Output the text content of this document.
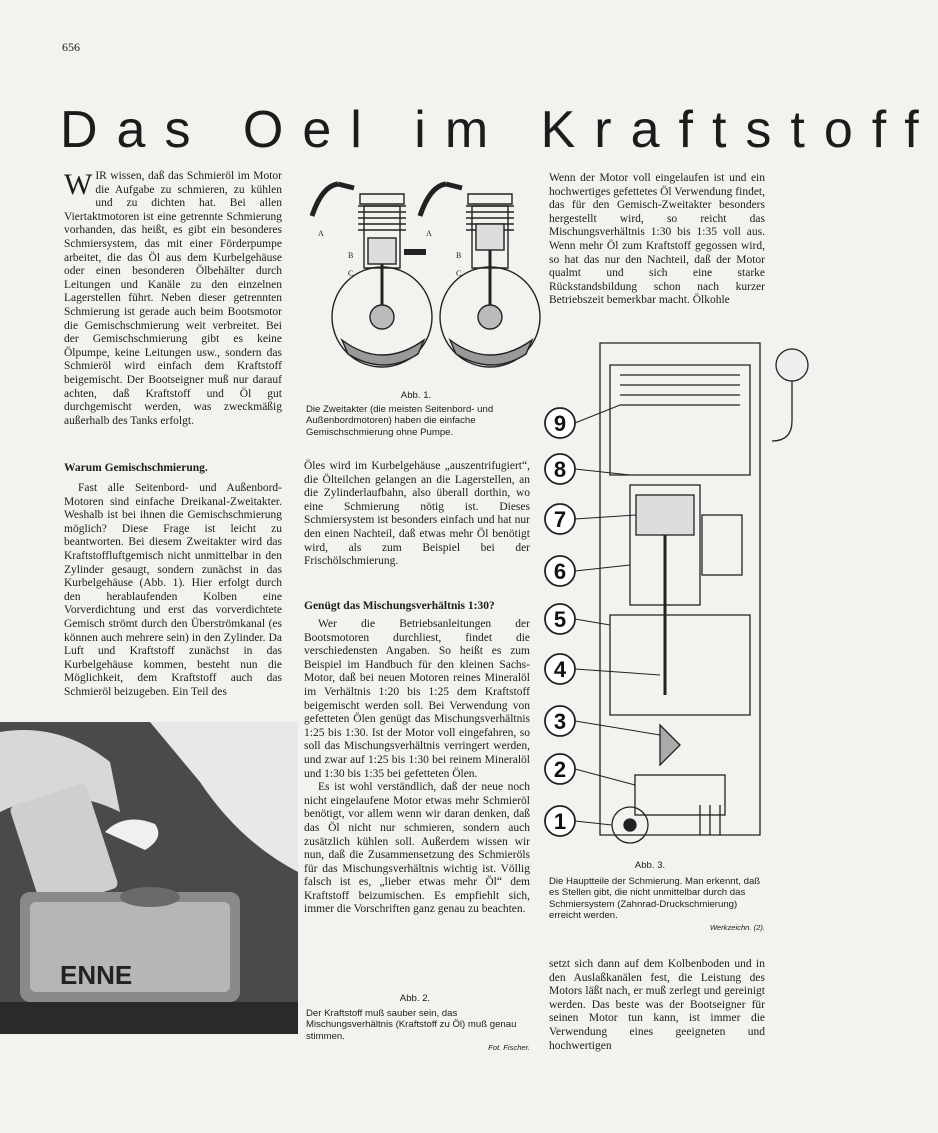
656
Das Oel im Kraftstoff
WIR wissen, daß das Schmieröl im Motor die Aufgabe zu schmieren, zu kühlen und zu dichten hat. Bei allen Viertaktmotoren ist eine getrennte Schmierung vorhanden, das heißt, es gibt ein besonderes Schmiersystem, das mit einer Förderpumpe arbeitet, die das Öl aus dem Kurbelgehäuse oder einen besonderen Ölbehälter durch Leitungen und Kanäle zu den einzelnen Lagerstellen führt. Neben dieser getrennten Schmierung ist gerade auch beim Bootsmotor die Gemischschmierung weit verbreitet. Bei der Gemischschmierung gibt es keine Ölpumpe, keine Leitungen usw., sondern das Schmieröl wird einfach dem Kraftstoff beigemischt. Der Bootseigner muß nur darauf achten, daß Kraftstoff und Öl gut durchgemischt werden, was zweckmäßig außerhalb des Tanks erfolgt.
Warum Gemischschmierung.
Fast alle Seitenbord- und Außenbord-Motoren sind einfache Dreikanal-Zweitakter. Weshalb ist bei ihnen die Gemischschmierung möglich? Diese Frage ist leicht zu beantworten. Bei diesem Zweitakter wird das Kraftstoffluftgemisch nicht unmittelbar in den Zylinder gesaugt, sondern zunächst in das Kurbelgehäuse (Abb. 1). Hier erfolgt durch den herablaufenden Kolben eine Vorverdichtung und erst das vorverdichtete Gemisch strömt durch den Überströmkanal (es können auch mehrere sein) in den Zylinder. Da Luft und Kraftstoff zunächst in das Kurbelgehäuse kommen, besteht nun die Möglichkeit, dem Kraftstoff auch das Schmieröl beizugeben. Ein Teil des
A
B
C
A
B
C
Abb. 1.
Die Zweitakter (die meisten Seitenbord- und Außenbordmotoren) haben die einfache Gemischschmierung ohne Pumpe.
Öles wird im Kurbelgehäuse „auszentrifugiert“, die Ölteilchen gelangen an die Lagerstellen, an die Zylinderlaufbahn, also überall dorthin, wo eine Schmierung nötig ist. Dieses Schmiersystem ist besonders einfach und hat nur den einen Nachteil, daß etwas mehr Öl benötigt wird, als zum Beispiel bei der Frischölschmierung.
Genügt das Mischungsverhältnis 1:30?

Wer die Betriebsanleitungen der Bootsmotoren durchliest, findet die verschiedensten Angaben. So heißt es zum Beispiel im Handbuch für den kleinen Sachs-Motor, daß bei neuen Motoren reines Mineralöl im Verhältnis 1:20 bis 1:25 dem Kraftstoff beigemischt werden soll. Bei Verwendung von gefetteten Ölen genügt das Mischungsverhältnis 1:25 bis 1:30. Ist der Motor voll eingefahren, so soll das Mischungsverhältnis verringert werden, und zwar auf 1:25 bis 1:30 bei reinem Mineralöl und 1:30 bis 1:35 bei gefetteten Ölen.

Es ist wohl verständlich, daß der neue noch nicht eingelaufene Motor etwas mehr Schmieröl benötigt, vor allem wenn wir daran denken, daß das Öl nicht nur schmieren, sondern auch zusätzlich kühlen soll. Außerdem wissen wir nun, daß die Zusammensetzung des Schmieröls für das Mischungsverhältnis wichtig ist. Völlig falsch ist es, „lieber etwas mehr Öl“ dem Kraftstoff beizumischen. Es empfiehlt sich, immer die Vorschriften ganz genau zu beachten.

ENNE
Abb. 2.
Der Kraftstoff muß sauber sein, das Mischungsverhältnis (Kraftstoff zu Öl) muß genau stimmen.
Fot. Fischer.
Wenn der Motor voll eingelaufen ist und ein hochwertiges gefettetes Öl Verwendung findet, das für den Gemisch-Zweitakter besonders hergestellt wird, so reicht das Mischungsverhältnis 1:30 bis 1:35 voll aus. Wenn mehr Öl zum Kraftstoff gegossen wird, so hat das nur den Nachteil, daß der Motor qualmt und sich eine starke Rückstandsbildung schon nach kurzer Betriebszeit bemerkbar macht. Ölkohle
9
8
7
6
5
4
3
2
1
Abb. 3.
Die Hauptteile der Schmierung. Man erkennt, daß es Stellen gibt, die nicht unmittelbar durch das Schmiersystem (Zahnrad-Druckschmierung) erreicht werden.
Werkzeichn. (2).
setzt sich dann auf dem Kolbenboden und in den Auslaßkanälen fest, die Leistung des Motors läßt nach, er muß zerlegt und gereinigt werden. Das beste was der Bootseigner für seinen Motor tun kann, ist immer die Verwendung eines geeigneten und hochwertigen
